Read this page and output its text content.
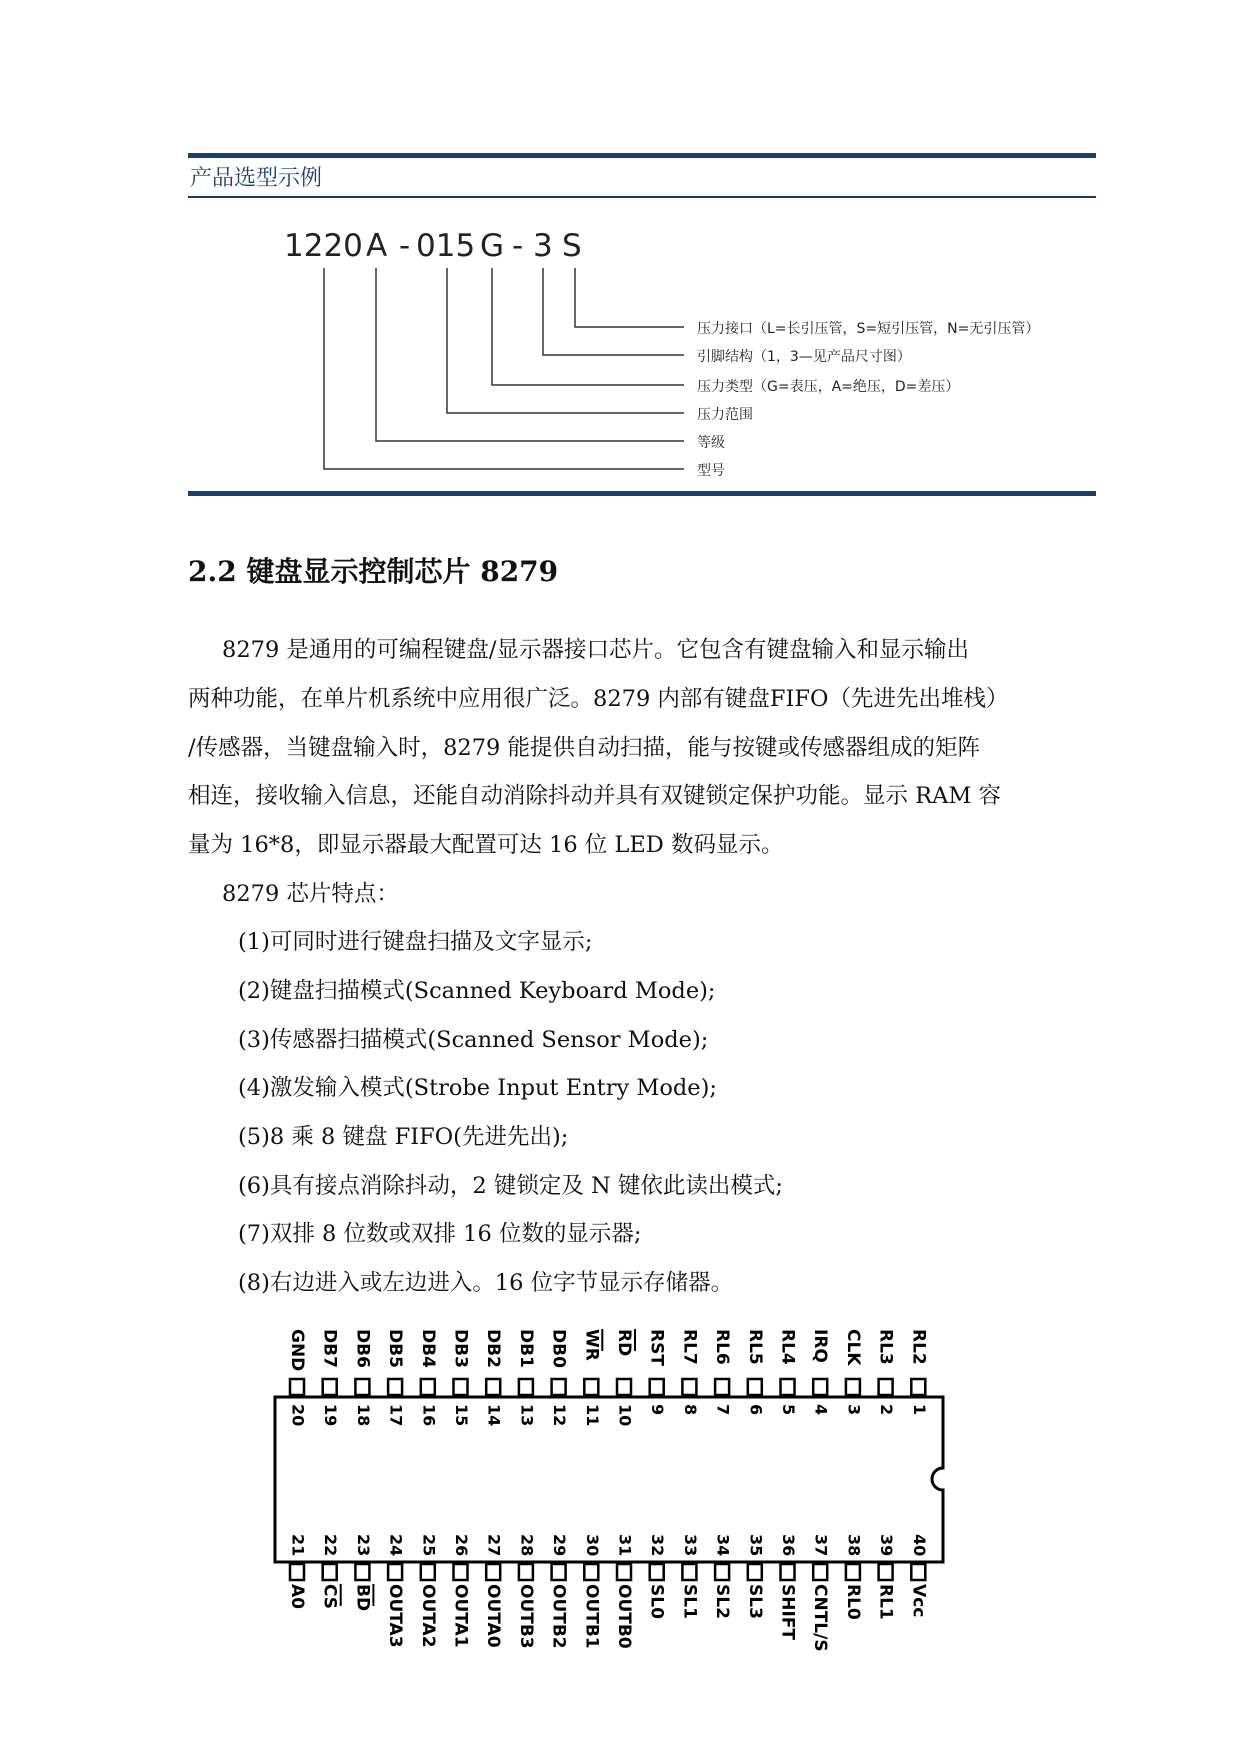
产品选型示例
1220 A - 015 G - 3 S
压力接口（L=长引压管，S=短引压管，N=无引压管）
引脚结构（1，3—见产品尺寸图）
压力类型（G=表压，A=绝压，D=差压）
压力范围
等级
型号
2.2 键盘显示控制芯片 8279
8279 是通用的可编程键盘/显示器接口芯片。它包含有键盘输入和显示输出
两种功能，在单片机系统中应用很广泛。8279 内部有键盘FIFO（先进先出堆栈）
/传感器，当键盘输入时，8279 能提供自动扫描，能与按键或传感器组成的矩阵
相连，接收输入信息，还能自动消除抖动并具有双键锁定保护功能。显示 RAM 容
量为 16*8，即显示器最大配置可达 16 位 LED 数码显示。
8279 芯片特点：
(1)可同时进行键盘扫描及文字显示;
(2)键盘扫描模式(Scanned Keyboard Mode);
(3)传感器扫描模式(Scanned Sensor Mode);
(4)激发输入模式(Strobe Input Entry Mode);
(5)8 乘 8 键盘 FIFO(先进先出);
(6)具有接点消除抖动，2 键锁定及 N 键依此读出模式;
(7)双排 8 位数或双排 16 位数的显示器;
(8)右边进入或左边进入。16 位字节显示存储器。
GND
20
DB7
19
DB6
18
DB5
17
DB4
16
DB3
15
DB2
14
DB1
13
DB0
12
WR
11
RD
10
RST
9
RL7
8
RL6
7
RL5
6
RL4
5
IRQ
4
CLK
3
RL3
2
RL2
1
21
A0
22
CS
23
BD
24
OUTA3
25
OUTA2
26
OUTA1
27
OUTA0
28
OUTB3
29
OUTB2
30
OUTB1
31
OUTB0
32
SL0
33
SL1
34
SL2
35
SL3
36
SHIFT
37
CNTL/S
38
RL0
39
RL1
40
Vcc
